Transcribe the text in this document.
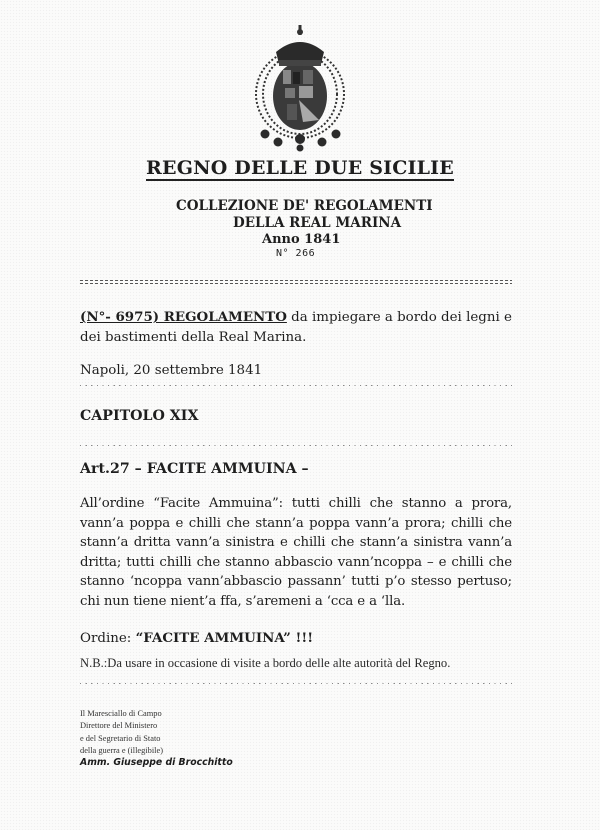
REGNO DELLE DUE SICILIE
COLLEZIONE DE' REGOLAMENTI
DELLA REAL MARINA
Anno 1841
N° 266
(N°- 6975) REGOLAMENTO da impiegare a bordo dei legni e dei bastimenti della Real Marina.
Napoli, 20 settembre 1841
CAPITOLO XIX
Art.27 – FACITE AMMUINA –
All’ordine “Facite Ammuina”: tutti chilli che stanno a prora, vann’a poppa e chilli che stann’a poppa vann’a prora; chilli che stann’a dritta vann’a sinistra e chilli che stann’a sinistra vann’a dritta; tutti chilli che stanno abbascio vann’ncoppa – e chilli che stanno ‘ncoppa vann’abbascio passann’ tutti p’o stesso pertuso; chi nun tiene nient’a ffa, s’aremeni a ‘cca e a ‘lla.
Ordine: “FACITE AMMUINA” !!!
N.B.:Da usare in occasione di visite a bordo delle alte autorità del Regno.
Il Maresciallo di Campo
Direttore del Ministero
e del Segretario di Stato
della guerra e (illegibile)
Amm. Giuseppe di Brocchitto
